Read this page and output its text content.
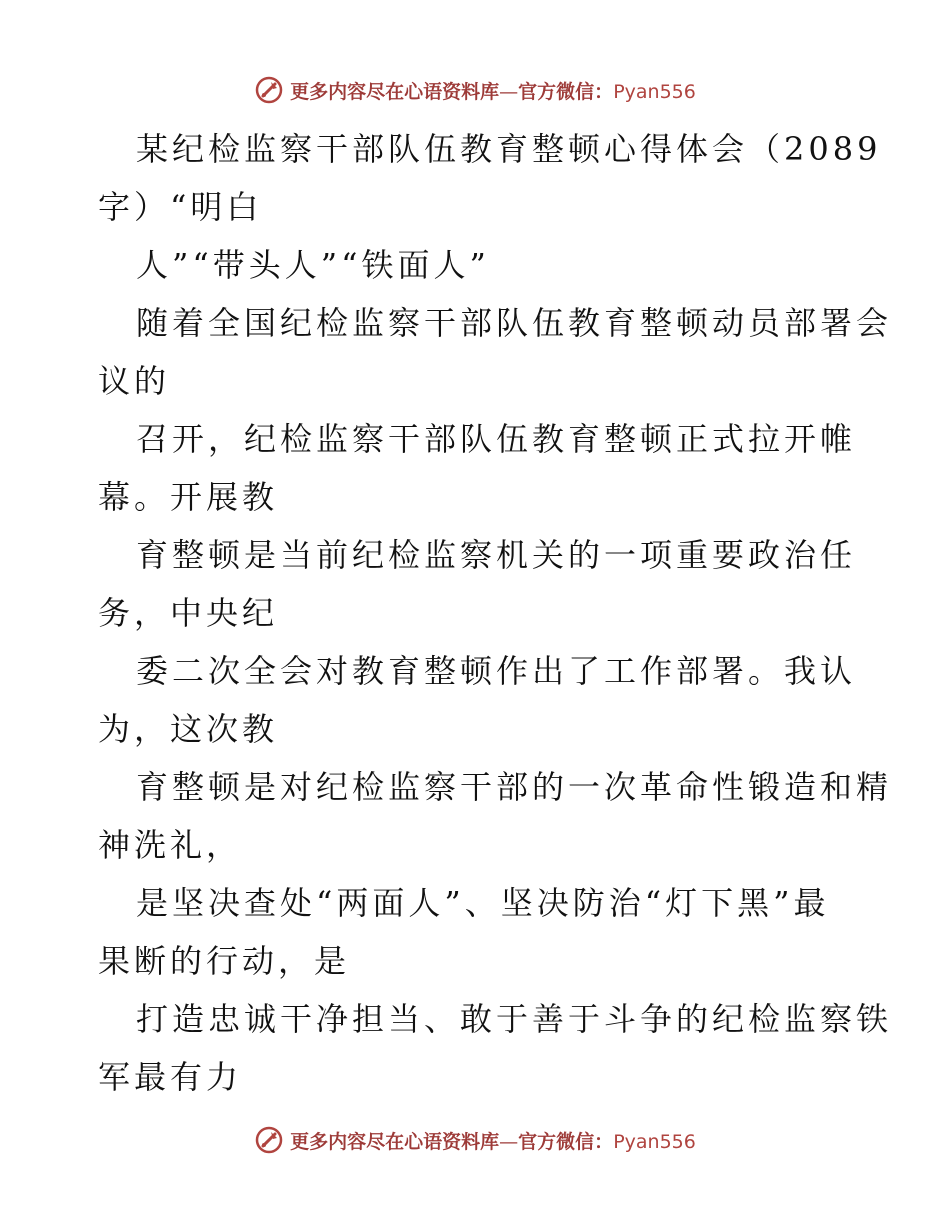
更多内容尽在心语资料库—官方微信：Pyan556
某纪检监察干部队伍教育整顿心得体会（2089
字）“明白
人”“带头人”“铁面人”
随着全国纪检监察干部队伍教育整顿动员部署会
议的
召开，纪检监察干部队伍教育整顿正式拉开帷
幕。开展教
育整顿是当前纪检监察机关的一项重要政治任
务，中央纪
委二次全会对教育整顿作出了工作部署。我认
为，这次教
育整顿是对纪检监察干部的一次革命性锻造和精
神洗礼，
是坚决查处“两面人”、坚决防治“灯下黑”最
果断的行动，是
打造忠诚干净担当、敢于善于斗争的纪检监察铁
军最有力
更多内容尽在心语资料库—官方微信：Pyan556
